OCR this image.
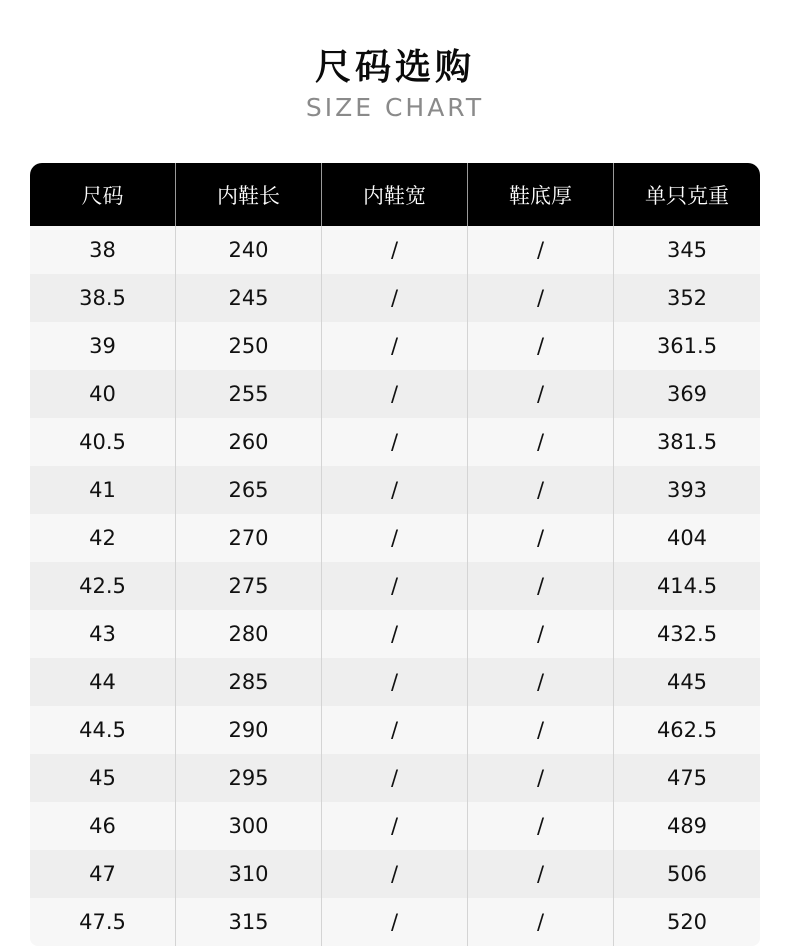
尺码选购
SIZE CHART
尺码	内鞋长	内鞋宽	鞋底厚	单只克重
38	240	/	/	345
38.5	245	/	/	352
39	250	/	/	361.5
40	255	/	/	369
40.5	260	/	/	381.5
41	265	/	/	393
42	270	/	/	404
42.5	275	/	/	414.5
43	280	/	/	432.5
44	285	/	/	445
44.5	290	/	/	462.5
45	295	/	/	475
46	300	/	/	489
47	310	/	/	506
47.5	315	/	/	520
